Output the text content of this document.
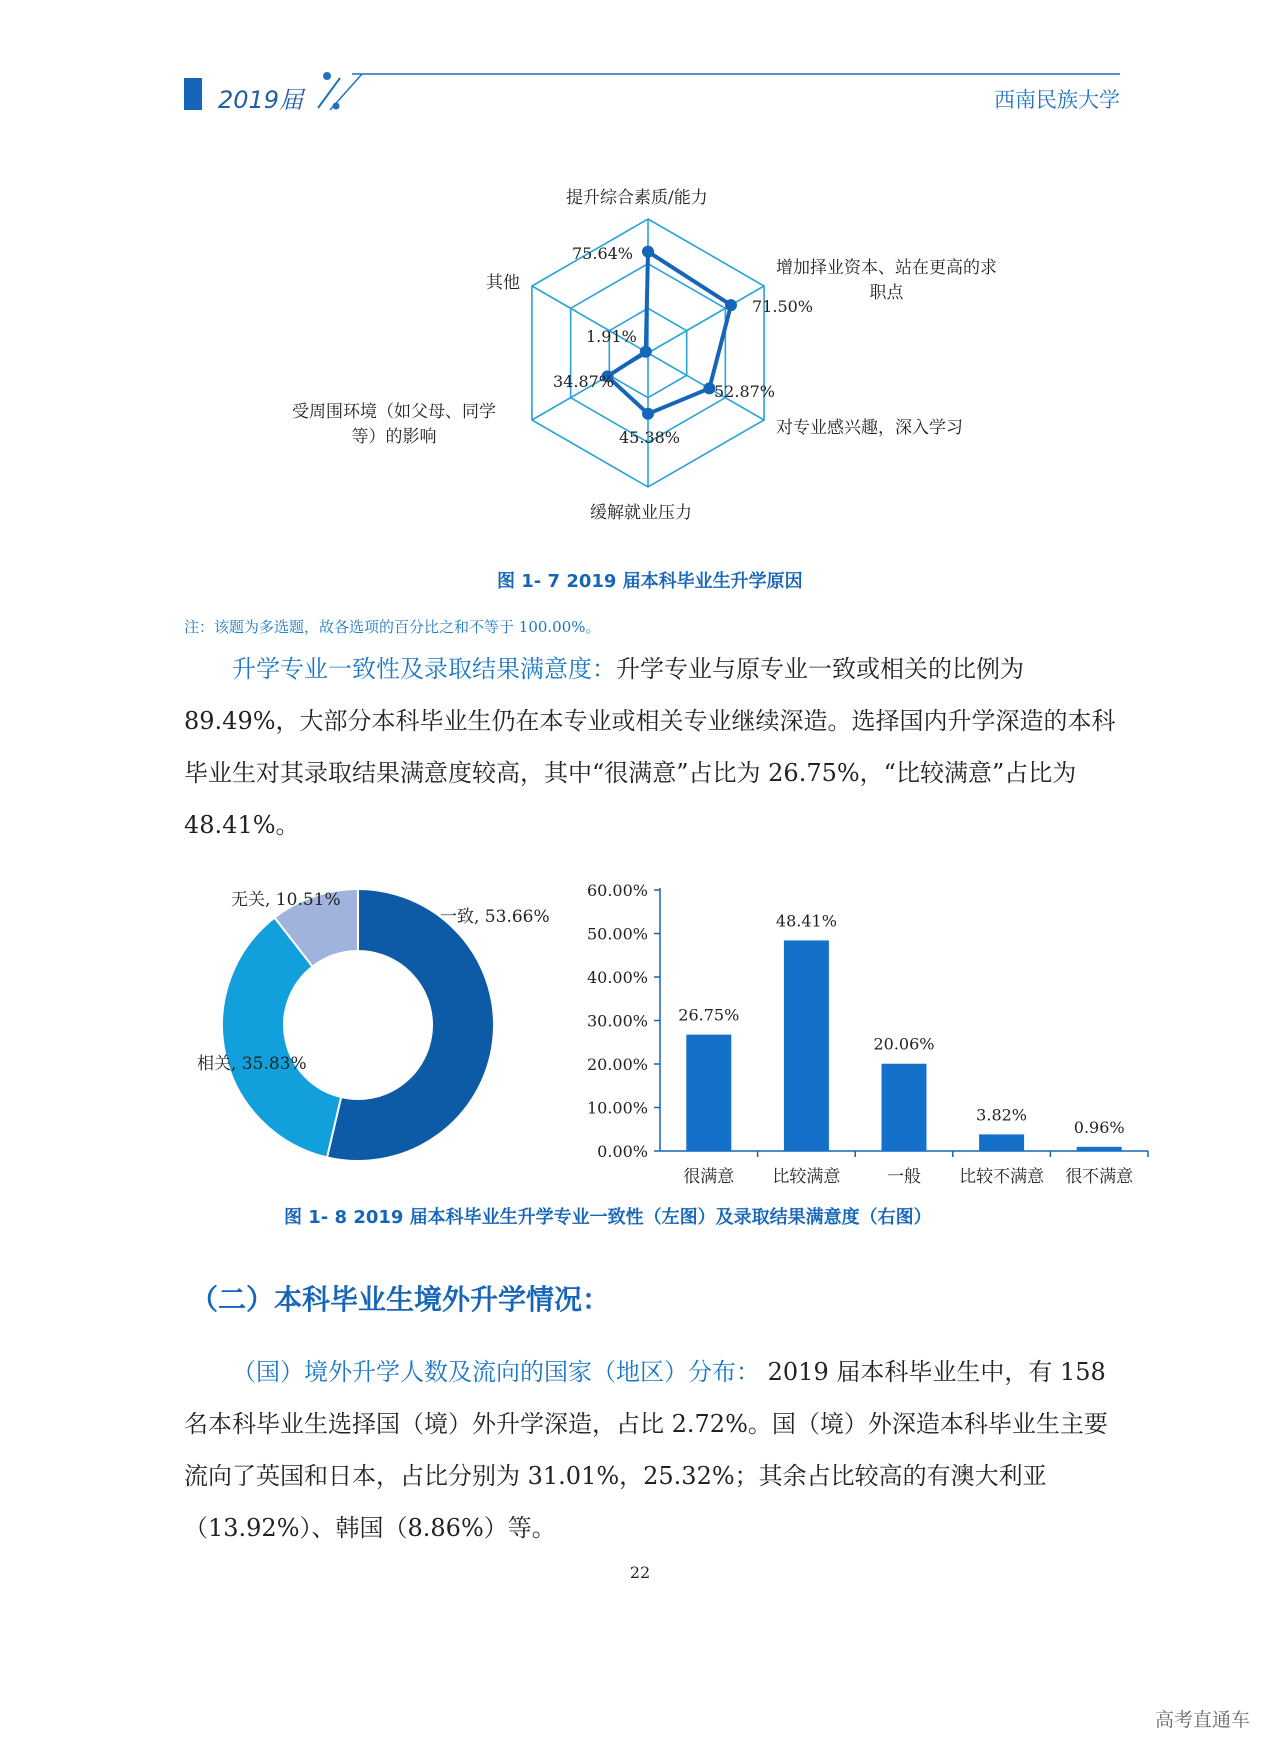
2019届	西南民族大学
提升综合素质/能力
增加择业资本、站在更高的求
职点
对专业感兴趣，深入学习
缓解就业压力
受周围环境（如父母、同学
等）的影响
其他
75.64%
71.50%
52.87%
45.38%
34.87%
1.91%
图 1- 7 2019 届本科毕业生升学原因
注：该题为多选题，故各选项的百分比之和不等于 100.00%。
升学专业一致性及录取结果满意度：升学专业与原专业一致或相关的比例为 89.49%，大部分本科毕业生仍在本专业或相关专业继续深造。选择国内升学深造的本科毕业生对其录取结果满意度较高，其中“很满意”占比为 26.75%，“比较满意”占比为 48.41%。
无关, 10.51%
一致, 53.66%
相关, 35.83%
0.00%
10.00%
20.00%
30.00%
40.00%
50.00%
60.00%
26.75%
很满意
48.41%
比较满意
20.06%
一般
3.82%
比较不满意
0.96%
很不满意
图 1- 8 2019 届本科毕业生升学专业一致性（左图）及录取结果满意度（右图）
（二）本科毕业生境外升学情况：
（国）境外升学人数及流向的国家（地区）分布： 2019 届本科毕业生中，有 158 名本科毕业生选择国（境）外升学深造，占比 2.72%。国（境）外深造本科毕业生主要流向了英国和日本，占比分别为 31.01%，25.32%；其余占比较高的有澳大利亚（13.92%）、韩国（8.86%）等。
22
高考直通车
